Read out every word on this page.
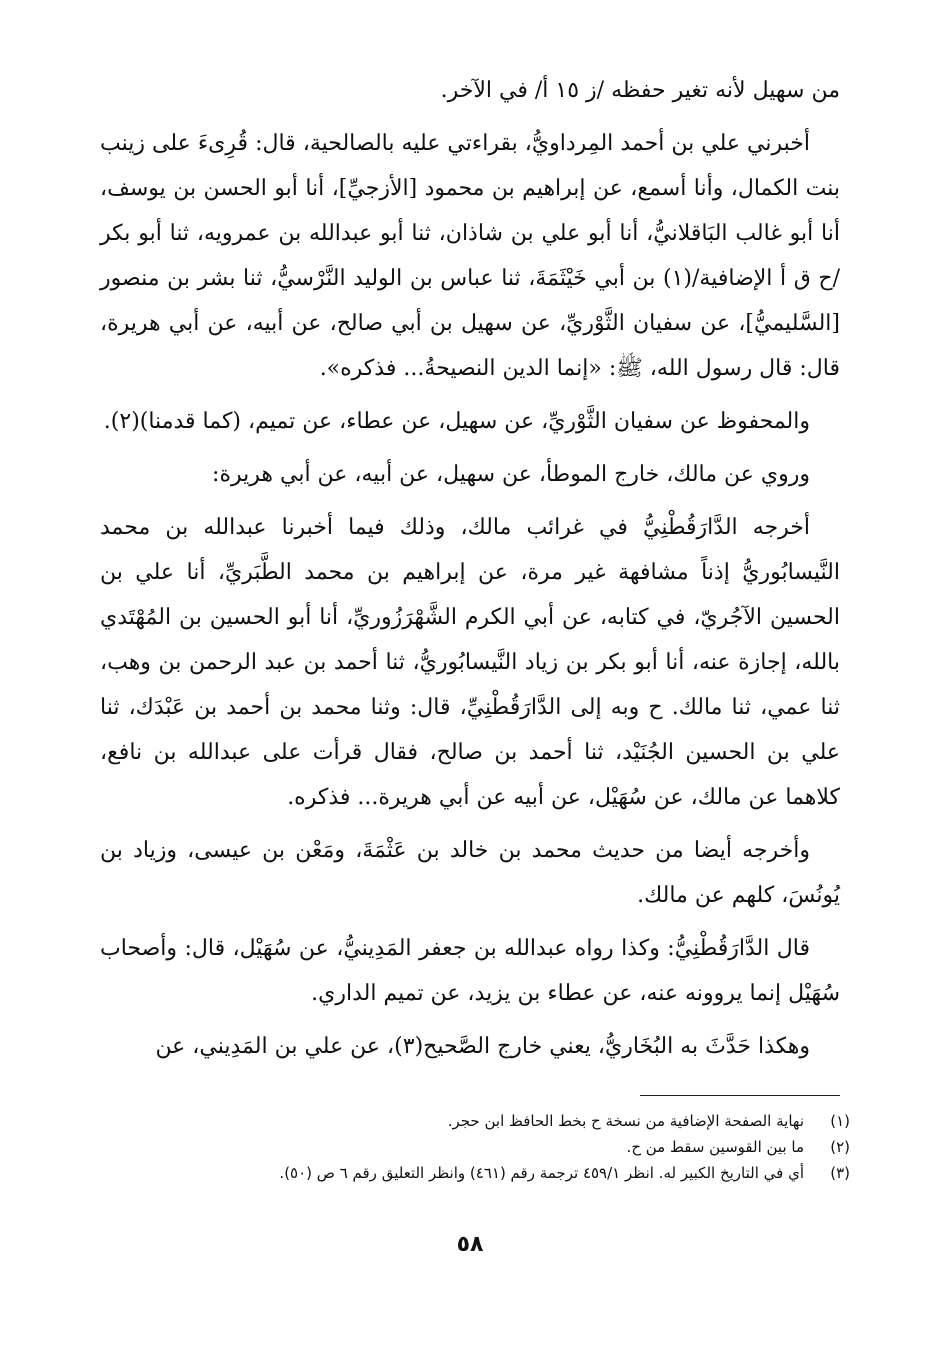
من سهيل لأنه تغير حفظه /ز ١٥ أ/ في الآخر.

أخبرني علي بن أحمد المِرداويُّ، بقراءتي عليه بالصالحية، قال: قُرِىءَ على زينب بنت الكمال، وأنا أسمع، عن إبراهيم بن محمود [الأزجيِّ]، أنا أبو الحسن بن يوسف، أنا أبو غالب البَاقلانيُّ، أنا أبو علي بن شاذان، ثنا أبو عبدالله بن عمرويه، ثنا أبو بكر /ح ق أ الإضافية/(١) بن أبي خَيْثَمَةَ، ثنا عباس بن الوليد النَّرْسيُّ، ثنا بشر بن منصور [السَّليميُّ]، عن سفيان الثَّوْريِّ، عن سهيل بن أبي صالح، عن أبيه، عن أبي هريرة، قال: قال رسول الله، ﷺ: «إنما الدين النصيحةُ... فذكره».

والمحفوظ عن سفيان الثَّوْريِّ، عن سهيل، عن عطاء، عن تميم، (كما قدمنا)(٢).

وروي عن مالك، خارج الموطأ، عن سهيل، عن أبيه، عن أبي هريرة:

أخرجه الدَّارَقُطْنِيُّ في غرائب مالك، وذلك فيما أخبرنا عبدالله بن محمد النَّيسابُوريُّ إذناً مشافهة غير مرة، عن إبراهيم بن محمد الطَّبَريِّ، أنا علي بن الحسين الآجُريّ، في كتابه، عن أبي الكرم الشَّهْرَزُوريِّ، أنا أبو الحسين بن المُهْتَدي بالله، إجازة عنه، أنا أبو بكر بن زياد النَّيسابُوريُّ، ثنا أحمد بن عبد الرحمن بن وهب، ثنا عمي، ثنا مالك. ح وبه إلى الدَّارَقُطْنِيِّ، قال: وثنا محمد بن أحمد بن عَبْدَك، ثنا علي بن الحسين الجُنَيْد، ثنا أحمد بن صالح، فقال قرأت على عبدالله بن نافع، كلاهما عن مالك، عن سُهَيْل، عن أبيه عن أبي هريرة... فذكره.

وأخرجه أيضا من حديث محمد بن خالد بن عَثْمَةَ، ومَعْن بن عيسى، وزياد بن يُونُسَ، كلهم عن مالك.

قال الدَّارَقُطْنِيُّ: وكذا رواه عبدالله بن جعفر المَدِينيُّ، عن سُهَيْل، قال: وأصحاب سُهَيْل إنما يروونه عنه، عن عطاء بن يزيد، عن تميم الداري.

وهكذا حَدَّثَ به البُخَاريُّ، يعني خارج الصَّحيح(٣)، عن علي بن المَدِيني، عن

(١)
نهاية الصفحة الإضافية من نسخة ح بخط الحافظ ابن حجر.
(٢)
ما بين القوسين سقط من ح.
(٣)
أي في التاريخ الكبير له. انظر ٤٥٩/١ ترجمة رقم (٤٦١) وانظر التعليق رقم ٦ ص (٥٠).
٥٨
